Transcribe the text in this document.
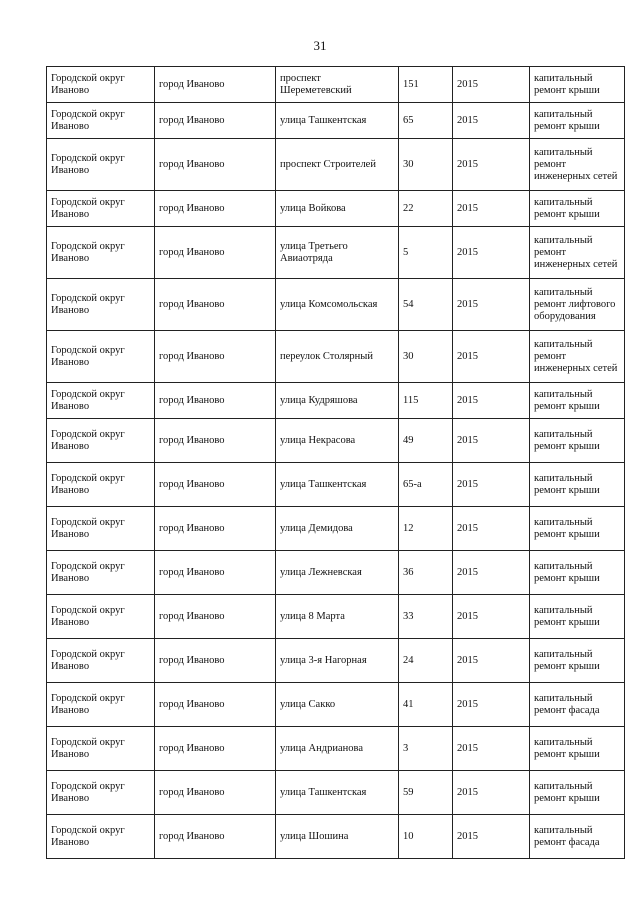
31
Городской округ Иваново	город Иваново	проспект Шереметевский	151	2015	капитальный ремонт крыши
Городской округ Иваново	город Иваново	улица Ташкентская	65	2015	капитальный ремонт крыши
Городской округ Иваново	город Иваново	проспект Строителей	30	2015	капитальный ремонт инженерных сетей
Городской округ Иваново	город Иваново	улица Войкова	22	2015	капитальный ремонт крыши
Городской округ Иваново	город Иваново	улица Третьего Авиаотряда	5	2015	капитальный ремонт инженерных сетей
Городской округ Иваново	город Иваново	улица Комсомольская	54	2015	капитальный ремонт лифтового оборудования
Городской округ Иваново	город Иваново	переулок Столярный	30	2015	капитальный ремонт инженерных сетей
Городской округ Иваново	город Иваново	улица Кудряшова	115	2015	капитальный ремонт крыши
Городской округ Иваново	город Иваново	улица Некрасова	49	2015	капитальный ремонт крыши
Городской округ Иваново	город Иваново	улица Ташкентская	65-а	2015	капитальный ремонт крыши
Городской округ Иваново	город Иваново	улица Демидова	12	2015	капитальный ремонт крыши
Городской округ Иваново	город Иваново	улица Лежневская	36	2015	капитальный ремонт крыши
Городской округ Иваново	город Иваново	улица 8 Марта	33	2015	капитальный ремонт крыши
Городской округ Иваново	город Иваново	улица 3-я Нагорная	24	2015	капитальный ремонт крыши
Городской округ Иваново	город Иваново	улица Сакко	41	2015	капитальный ремонт фасада
Городской округ Иваново	город Иваново	улица Андрианова	3	2015	капитальный ремонт крыши
Городской округ Иваново	город Иваново	улица Ташкентская	59	2015	капитальный ремонт крыши
Городской округ Иваново	город Иваново	улица Шошина	10	2015	капитальный ремонт фасада
